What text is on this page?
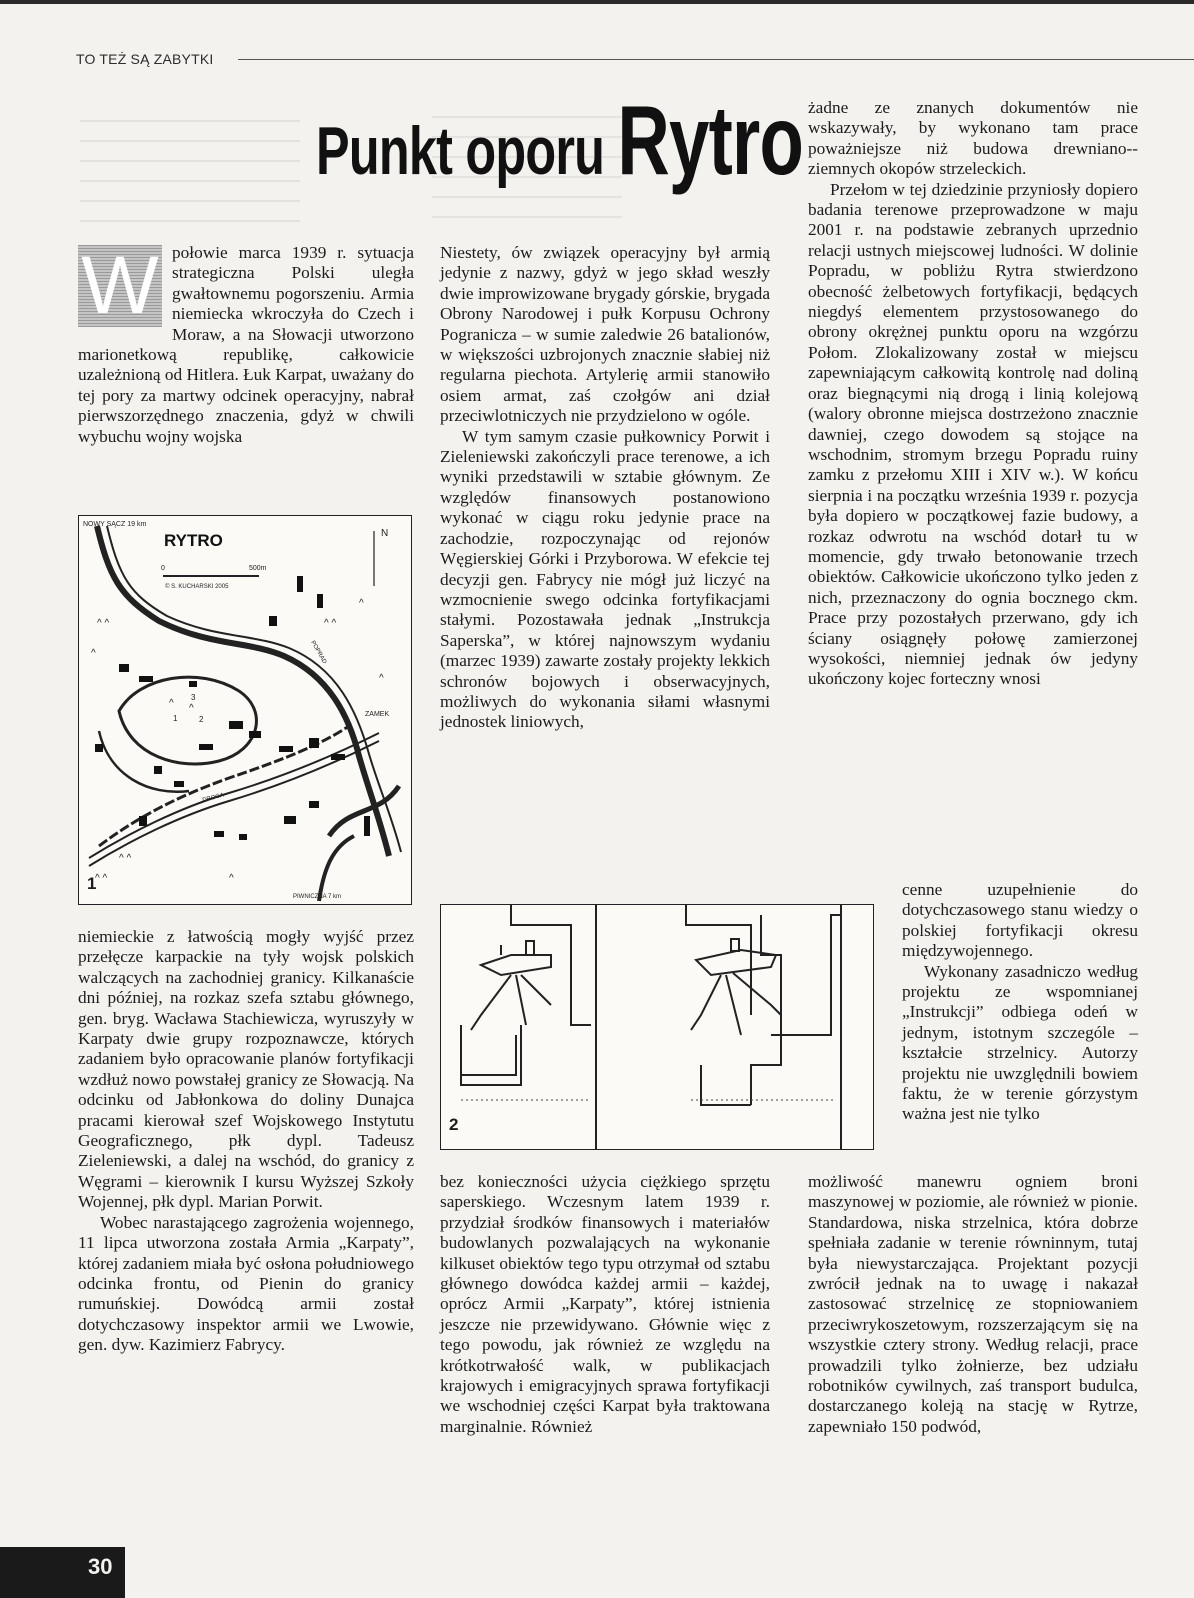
TO TEŻ SĄ ZABYTKI
Punkt oporu Rytro

W połowie marca 1939 r. sytuacja strategiczna Polski uległa gwałtownemu pogorszeniu. Armia niemiecka wkroczyła do Czech i Moraw, a na Słowacji utworzono marionetkową republikę, całkowicie uzależnioną od Hitlera. Łuk Karpat, uważany do tej pory za martwy odcinek operacyjny, nabrał pierwszorzędnego znaczenia, gdyż w chwili wybuchu wojny wojska

^ ^
^
^ ^
^
^ ^
^ ^
^
^
^
^
NOWY SĄCZ 19 km
RYTRO	N
0	500m
© S. KUCHARSKI 2005
ZAMEK
POPRAD
DROGA
1	2
3
PIWNICZNA 7 km
1

niemieckie z łatwością mogły wyjść przez przełęcze karpackie na tyły wojsk polskich walczących na zachodniej granicy. Kilkanaście dni później, na rozkaz szefa sztabu głównego, gen. bryg. Wacława Stachiewicza, wyruszyły w Karpaty dwie grupy rozpoznawcze, których zadaniem było opracowanie planów fortyfikacji wzdłuż nowo powstałej granicy ze Słowacją. Na odcinku od Jabłonkowa do doliny Dunajca pracami kierował szef Wojskowego Instytutu Geograficznego, płk dypl. Tadeusz Zieleniewski, a dalej na wschód, do granicy z Węgrami – kierownik I kursu Wyższej Szkoły Wojennej, płk dypl. Marian Porwit.

Wobec narastającego zagrożenia wojennego, 11 lipca utworzona została Armia „Karpaty”, której zadaniem miała być osłona południowego odcinka frontu, od Pienin do granicy rumuńskiej. Dowódcą armii został dotychczasowy inspektor armii we Lwowie, gen. dyw. Kazimierz Fabrycy.

Niestety, ów związek operacyjny był armią jedynie z nazwy, gdyż w jego skład weszły dwie improwizowane brygady górskie, brygada Obrony Narodowej i pułk Korpusu Ochrony Pogranicza – w sumie zaledwie 26 batalionów, w większości uzbrojonych znacznie słabiej niż regularna piechota. Artylerię armii stanowiło osiem armat, zaś czołgów ani dział przeciwlotniczych nie przydzielono w ogóle.

W tym samym czasie pułkownicy Porwit i Zieleniewski zakończyli prace terenowe, a ich wyniki przedstawili w sztabie głównym. Ze względów finansowych postanowiono wykonać w ciągu roku jedynie prace na zachodzie, rozpoczynając od rejonów Węgierskiej Górki i Przyborowa. W efekcie tej decyzji gen. Fabrycy nie mógł już liczyć na wzmocnienie swego odcinka fortyfikacjami stałymi. Pozostawała jednak „Instrukcja Saperska”, w której najnowszym wydaniu (marzec 1939) zawarte zostały projekty lekkich schronów bojowych i obserwacyjnych, możliwych do wykonania siłami własnymi jednostek liniowych,

2

bez konieczności użycia ciężkiego sprzętu saperskiego. Wczesnym latem 1939 r. przydział środków finansowych i materiałów budowlanych pozwalających na wykonanie kilkuset obiektów tego typu otrzymał od sztabu głównego dowódca każdej armii – każdej, oprócz Armii „Karpaty”, której istnienia jeszcze nie przewidywano. Głównie więc z tego powodu, jak również ze względu na krótkotrwałość walk, w publikacjach krajowych i emigracyjnych sprawa fortyfikacji we wschodniej części Karpat była traktowana marginalnie. Również

żadne ze znanych dokumentów nie wskazywały, by wykonano tam prace poważniejsze niż budowa drewniano--ziemnych okopów strzeleckich.

Przełom w tej dziedzinie przyniosły dopiero badania terenowe przeprowadzone w maju 2001 r. na podstawie zebranych uprzednio relacji ustnych miejscowej ludności. W dolinie Popradu, w pobliżu Rytra stwierdzono obecność żelbetowych fortyfikacji, będących niegdyś elementem przystosowanego do obrony okrężnej punktu oporu na wzgórzu Połom. Zlokalizowany został w miejscu zapewniającym całkowitą kontrolę nad doliną oraz biegnącymi nią drogą i linią kolejową (walory obronne miejsca dostrzeżono znacznie dawniej, czego dowodem są stojące na wschodnim, stromym brzegu Popradu ruiny zamku z przełomu XIII i XIV w.). W końcu sierpnia i na początku września 1939 r. pozycja była dopiero w początkowej fazie budowy, a rozkaz odwrotu na wschód dotarł tu w momencie, gdy trwało betonowanie trzech obiektów. Całkowicie ukończono tylko jeden z nich, przeznaczony do ognia bocznego ckm. Prace przy pozostałych przerwano, gdy ich ściany osiągnęły połowę zamierzonej wysokości, niemniej jednak ów jedyny ukończony kojec forteczny wnosi

cenne uzupełnienie do dotychczasowego stanu wiedzy o polskiej fortyfikacji okresu międzywojennego.

Wykonany zasadniczo według projektu ze wspomnianej „Instrukcji” odbiega odeń w jednym, istotnym szczególe – kształcie strzelnicy. Autorzy projektu nie uwzględnili bowiem faktu, że w terenie górzystym ważna jest nie tylko

możliwość manewru ogniem broni maszynowej w poziomie, ale również w pionie. Standardowa, niska strzelnica, która dobrze spełniała zadanie w terenie równinnym, tutaj była niewystarczająca. Projektant pozycji zwrócił jednak na to uwagę i nakazał zastosować strzelnicę ze stopniowaniem przeciwrykoszetowym, rozszerzającym się na wszystkie cztery strony. Według relacji, prace prowadzili tylko żołnierze, bez udziału robotników cywilnych, zaś transport budulca, dostarczanego koleją na stację w Rytrze, zapewniało 150 podwód,

30
